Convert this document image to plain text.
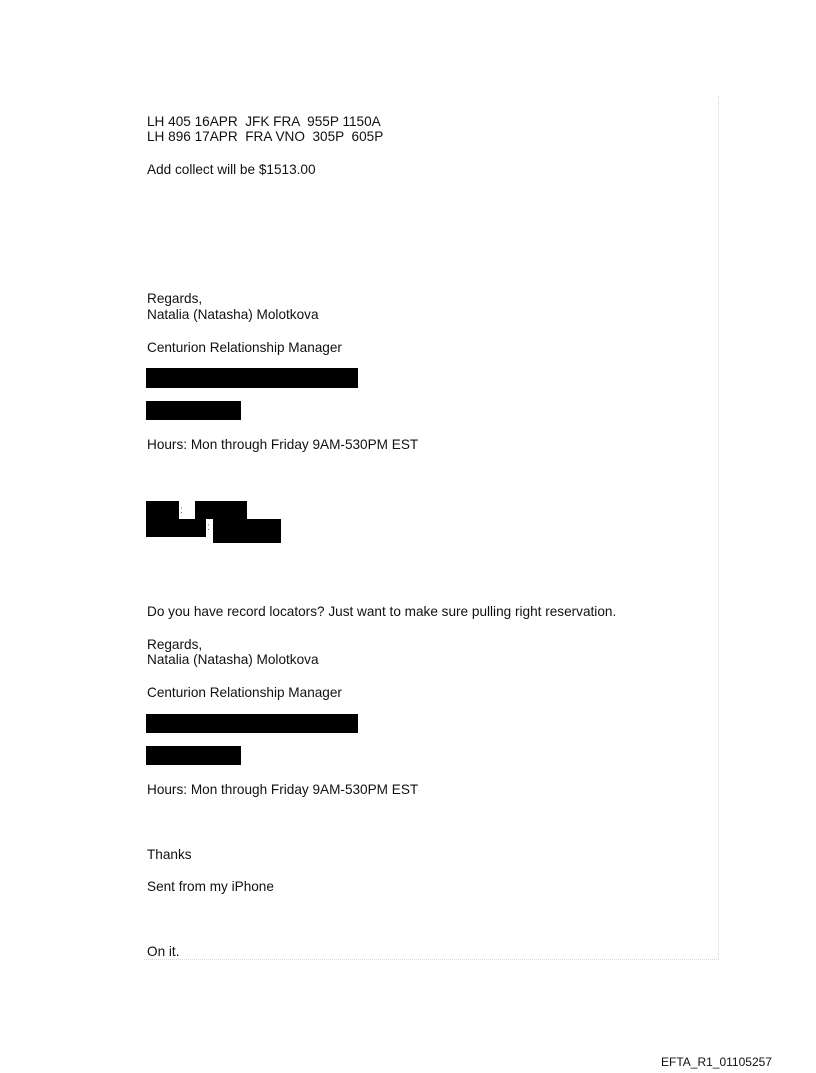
LH 405 16APR  JFK FRA  955P 1150A
LH 896 17APR  FRA VNO  305P  605P
Add collect will be $1513.00
Regards,
Natalia (Natasha) Molotkova
Centurion Relationship Manager
Hours: Mon through Friday 9AM-530PM EST
:
:
Do you have record locators? Just want to make sure pulling right reservation.
Regards,
Natalia (Natasha) Molotkova
Centurion Relationship Manager
Hours: Mon through Friday 9AM-530PM EST
Thanks
Sent from my iPhone
On it.
EFTA_R1_01105257
